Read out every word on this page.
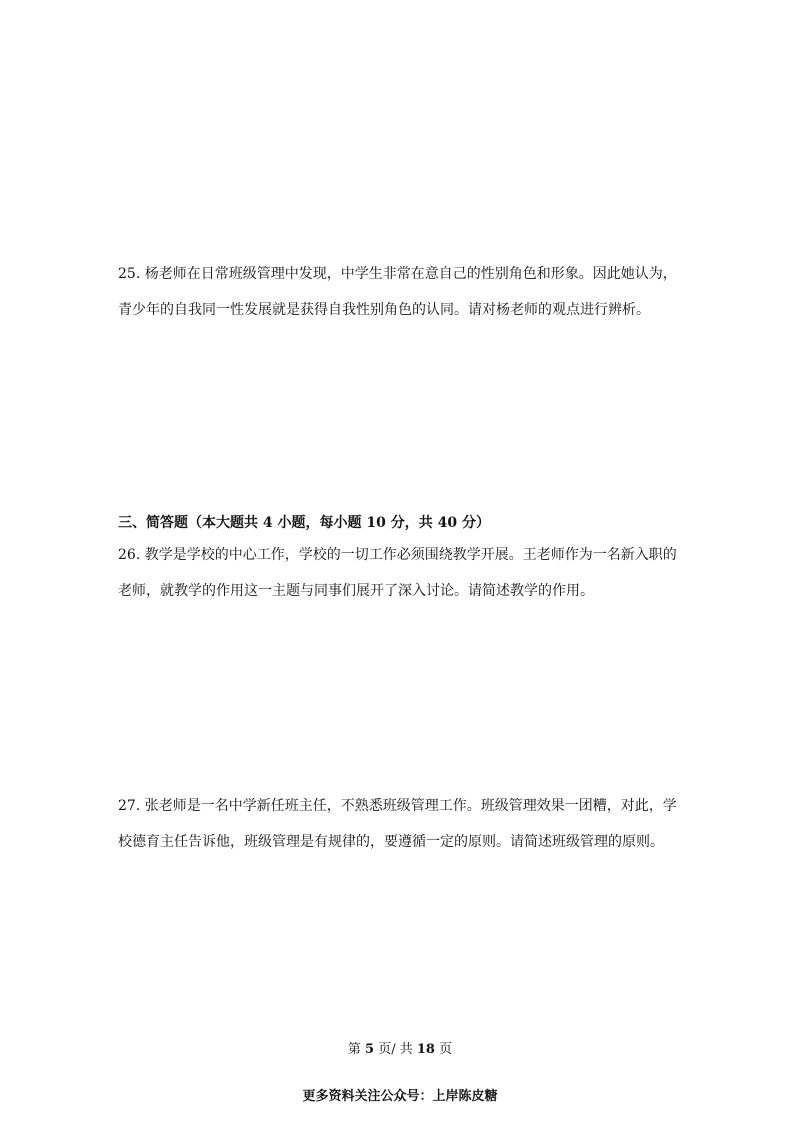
25. 杨老师在日常班级管理中发现，中学生非常在意自己的性别角色和形象。因此她认为，
青少年的自我同一性发展就是获得自我性别角色的认同。请对杨老师的观点进行辨析。
三、简答题（本大题共 4 小题，每小题 10 分，共 40 分）
26. 教学是学校的中心工作，学校的一切工作必须围绕教学开展。王老师作为一名新入职的
老师，就教学的作用这一主题与同事们展开了深入讨论。请简述教学的作用。
27. 张老师是一名中学新任班主任，不熟悉班级管理工作。班级管理效果一团糟，对此，学
校德育主任告诉他，班级管理是有规律的，要遵循一定的原则。请简述班级管理的原则。
第 5 页/ 共 18 页
更多资料关注公众号：上岸陈皮糖
